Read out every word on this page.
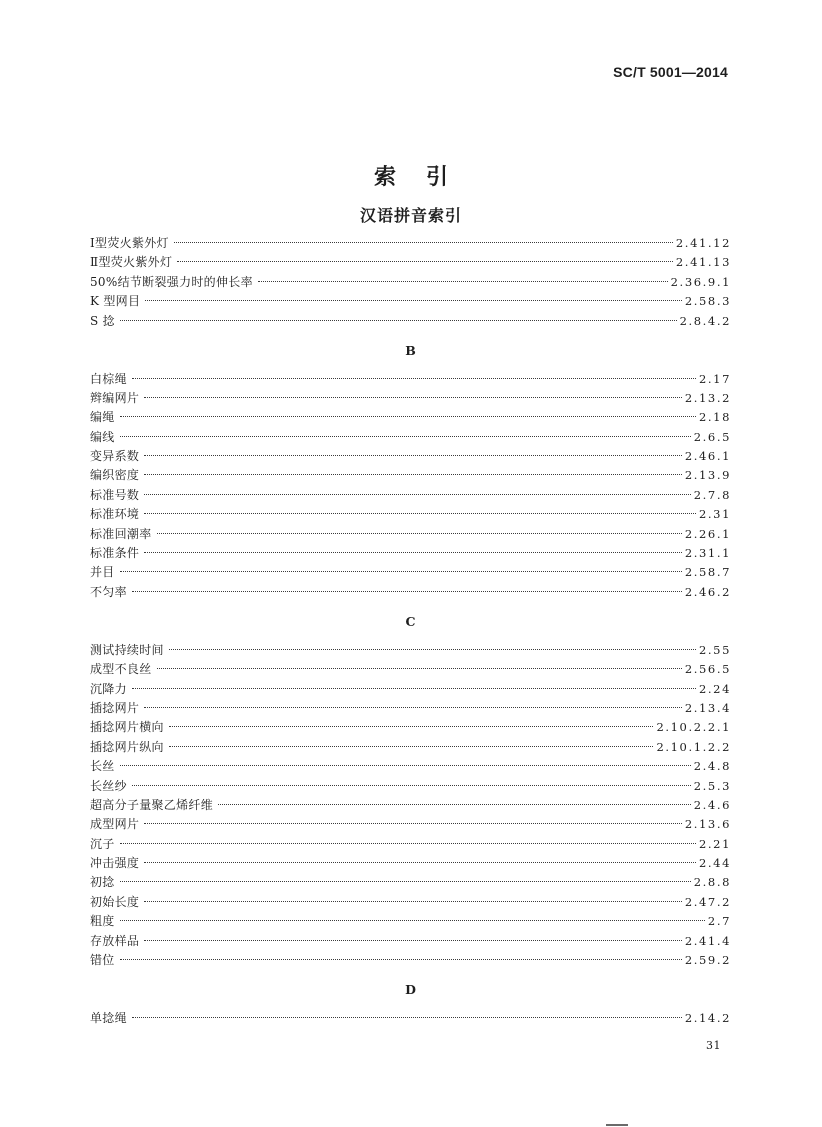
SC/T 5001—2014
索引
汉语拼音索引
Ⅰ型荧火紫外灯	2.41.12
Ⅱ型荧火紫外灯	2.41.13
50%结节断裂强力时的伸长率	2.36.9.1
K 型网目	2.58.3
S 捻	2.8.4.2
B
白棕绳	2.17
辫编网片	2.13.2
编绳	2.18
编线	2.6.5
变异系数	2.46.1
编织密度	2.13.9
标准号数	2.7.8
标准环境	2.31
标准回潮率	2.26.1
标准条件	2.31.1
并目	2.58.7
不匀率	2.46.2
C
测试持续时间	2.55
成型不良丝	2.56.5
沉降力	2.24
插捻网片	2.13.4
插捻网片横向	2.10.2.2.1
插捻网片纵向	2.10.1.2.2
长丝	2.4.8
长丝纱	2.5.3
超高分子量聚乙烯纤维	2.4.6
成型网片	2.13.6
沉子	2.21
冲击强度	2.44
初捻	2.8.8
初始长度	2.47.2
粗度	2.7
存放样品	2.41.4
错位	2.59.2
D
单捻绳	2.14.2
31
